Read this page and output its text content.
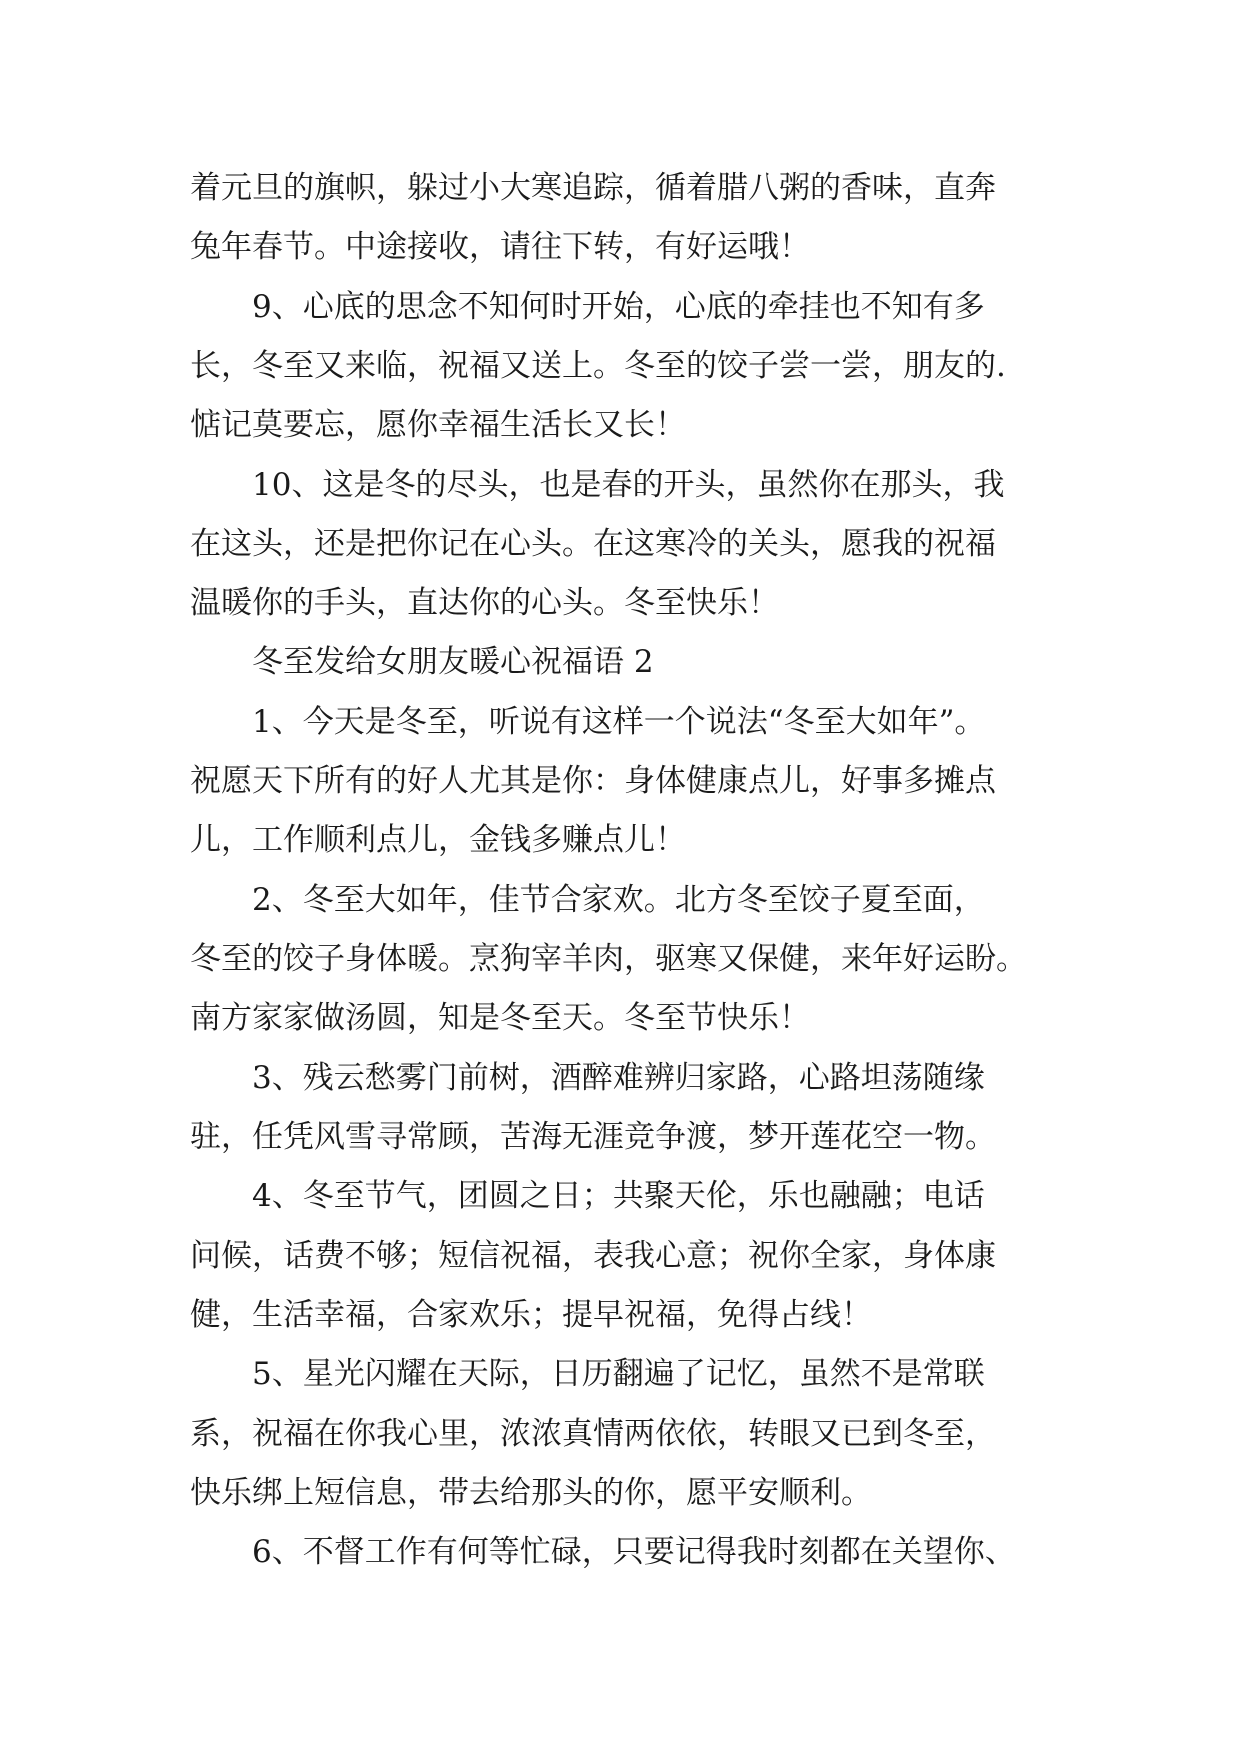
着元旦的旗帜，躲过小大寒追踪，循着腊八粥的香味，直奔
兔年春节。中途接收，请往下转，有好运哦！
9、心底的思念不知何时开始，心底的牵挂也不知有多
长，冬至又来临，祝福又送上。冬至的饺子尝一尝，朋友的.
惦记莫要忘，愿你幸福生活长又长！
10、这是冬的尽头，也是春的开头，虽然你在那头，我
在这头，还是把你记在心头。在这寒冷的关头，愿我的祝福
温暖你的手头，直达你的心头。冬至快乐！
冬至发给女朋友暖心祝福语 2
1、今天是冬至，听说有这样一个说法“冬至大如年”。
祝愿天下所有的好人尤其是你：身体健康点儿，好事多摊点
儿，工作顺利点儿，金钱多赚点儿！
2、冬至大如年，佳节合家欢。北方冬至饺子夏至面，
冬至的饺子身体暖。烹狗宰羊肉，驱寒又保健，来年好运盼。
南方家家做汤圆，知是冬至天。冬至节快乐！
3、残云愁雾门前树，酒醉难辨归家路，心路坦荡随缘
驻，任凭风雪寻常顾，苦海无涯竞争渡，梦开莲花空一物。
4、冬至节气，团圆之日；共聚天伦，乐也融融；电话
问候，话费不够；短信祝福，表我心意；祝你全家，身体康
健，生活幸福，合家欢乐；提早祝福，免得占线！
5、星光闪耀在天际，日历翻遍了记忆，虽然不是常联
系，祝福在你我心里，浓浓真情两依依，转眼又已到冬至，
快乐绑上短信息，带去给那头的你，愿平安顺利。
6、不督工作有何等忙碌，只要记得我时刻都在关望你、
